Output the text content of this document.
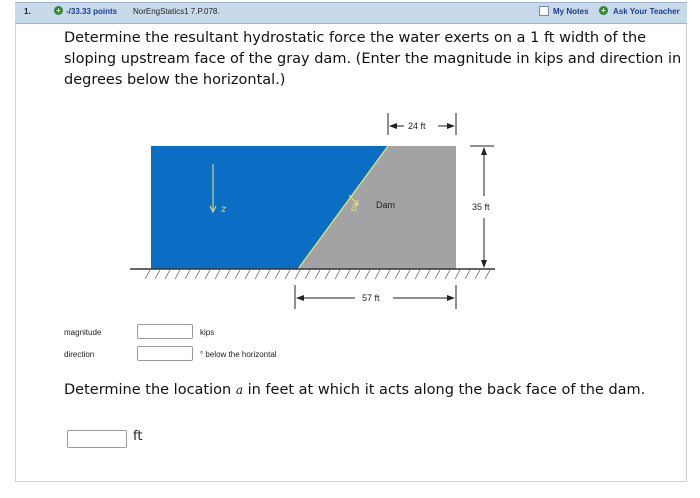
1.	+ -/33.33 points NorEngStatics1 7.P.078.	My Notes + Ask Your Teacher

Determine the resultant hydrostatic force the water exerts on a 1 ft width of the sloping upstream face of the gray dam. (Enter the magnitude in kips and direction in degrees below the horizontal.)

z	a Dam
24 ft
35 ft
57 ft
magnitude	kips
direction	° below the horizontal

Determine the location a in feet at which it acts along the back face of the dam.

ft
